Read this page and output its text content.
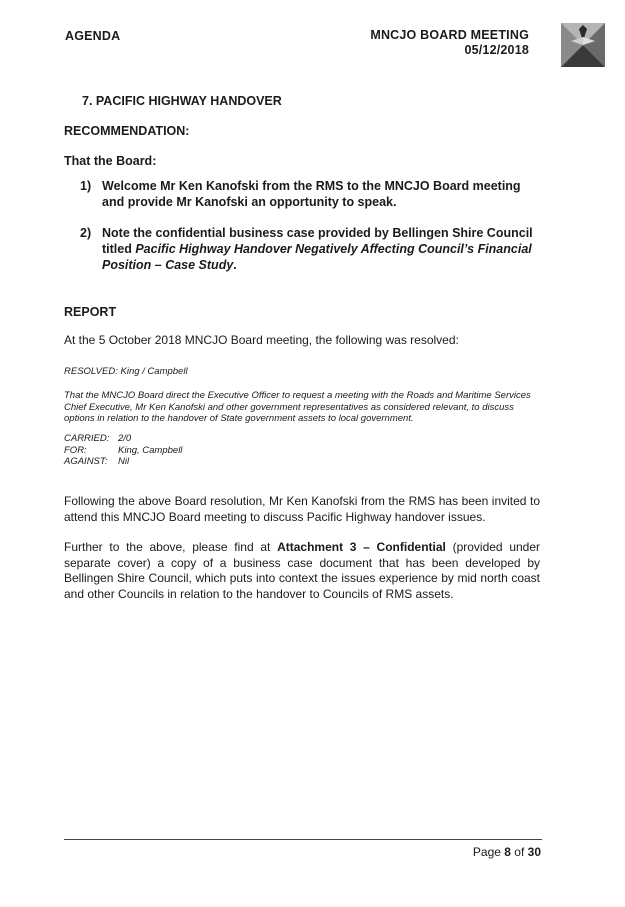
AGENDA	MNCJO BOARD MEETING
05/12/2018
7. PACIFIC HIGHWAY HANDOVER
RECOMMENDATION:
That the Board:
1) Welcome Mr Ken Kanofski from the RMS to the MNCJO Board meeting and provide Mr Kanofski an opportunity to speak.
2) Note the confidential business case provided by Bellingen Shire Council titled Pacific Highway Handover Negatively Affecting Council’s Financial Position – Case Study.
REPORT
At the 5 October 2018 MNCJO Board meeting, the following was resolved:
RESOLVED: King / Campbell
That the MNCJO Board direct the Executive Officer to request a meeting with the Roads and Maritime Services Chief Executive, Mr Ken Kanofski and other government representatives as considered relevant, to discuss options in relation to the handover of State government assets to local government.
CARRIED:	2/0
FOR:	King, Campbell
AGAINST:	Nil
Following the above Board resolution, Mr Ken Kanofski from the RMS has been invited to attend this MNCJO Board meeting to discuss Pacific Highway handover issues.
Further to the above, please find at Attachment 3 – Confidential (provided under separate cover) a copy of a business case document that has been developed by Bellingen Shire Council, which puts into context the issues experience by mid north coast and other Councils in relation to the handover to Councils of RMS assets.
Page 8 of 30
